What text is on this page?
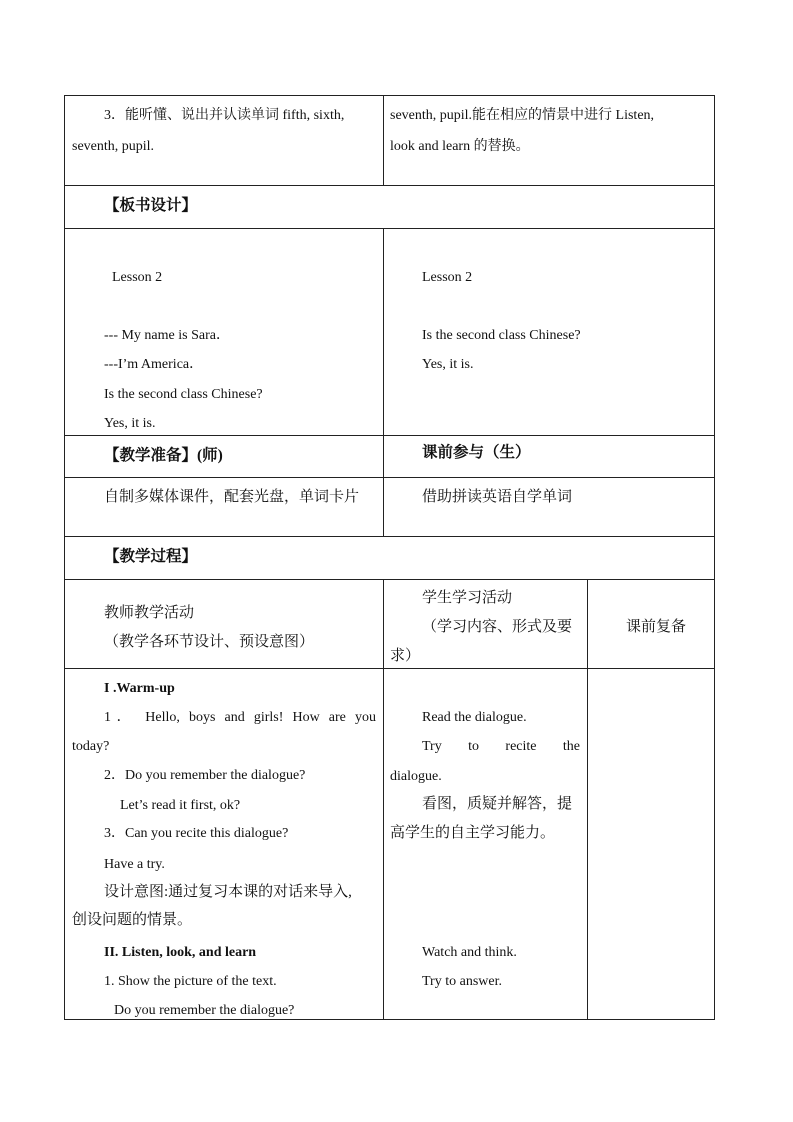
3．能听懂、说出并认读单词 fifth, sixth,
seventh, pupil.
seventh, pupil.能在相应的情景中进行 Listen,
look and learn 的替换。
【板书设计】
Lesson 2
--- My name is Sara．
---I’m America．
Is the second class Chinese?
Yes, it is.
Lesson 2
Is the second class Chinese?
Yes, it is.
【教学准备】(师)	课前参与（生）
自制多媒体课件，配套光盘，单词卡片	借助拼读英语自学单词
【教学过程】
教师教学活动
（教学各环节设计、预设意图）
学生学习活动
（学习内容、形式及要
求）
课前复备
I .Warm-up
1． Hello, boys and girls! How are you
today?
2．Do you remember the dialogue?
Let’s read it first, ok?
3．Can you recite this dialogue?
Have a try.
设计意图:通过复习本课的对话来导入,
创设问题的情景。
II. Listen, look, and learn
1. Show the picture of the text.
Do you remember the dialogue?
Read the dialogue.
Try to recite the
dialogue.
看图，质疑并解答，提
高学生的自主学习能力。
Watch and think.
Try to answer.
